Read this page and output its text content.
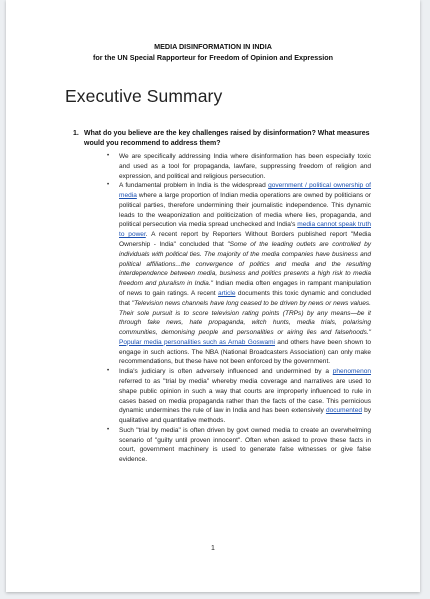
MEDIA DISINFORMATION IN INDIA
for the UN Special Rapporteur for Freedom of Opinion and Expression
Executive Summary
1. What do you believe are the key challenges raised by disinformation? What measures would you recommend to address them?

• We are specifically addressing India where disinformation has been especially toxic and used as a tool for propaganda, lawfare, suppressing freedom of religion and expression, and political and religious persecution.

• A fundamental problem in India is the widespread government / political ownership of media where a large proportion of Indian media operations are owned by politicians or political parties, therefore undermining their journalistic independence. This dynamic leads to the weaponization and politicization of media where lies, propaganda, and political persecution via media spread unchecked and India's media cannot speak truth to power. A recent report by Reporters Without Borders published report "Media Ownership - India" concluded that "Some of the leading outlets are controlled by individuals with political ties. The majority of the media companies have business and political affiliations...the convergence of politics and media and the resulting interdependence between media, business and politics presents a high risk to media freedom and pluralism in India." Indian media often engages in rampant manipulation of news to gain ratings. A recent article documents this toxic dynamic and concluded that "Television news channels have long ceased to be driven by news or news values. Their sole pursuit is to score television rating points (TRPs) by any means—be it through fake news, hate propaganda, witch hunts, media trials, polarising communities, demonising people and personalities or airing lies and falsehoods." Popular media personalities such as Arnab Goswami and others have been shown to engage in such actions. The NBA (National Broadcasters Association) can only make recommendations, but these have not been enforced by the government.

• India's judiciary is often adversely influenced and undermined by a phenomenon referred to as "trial by media" whereby media coverage and narratives are used to shape public opinion in such a way that courts are improperly influenced to rule in cases based on media propaganda rather than the facts of the case. This pernicious dynamic undermines the rule of law in India and has been extensively documented by qualitative and quantitative methods.

• Such "trial by media" is often driven by govt owned media to create an overwhelming scenario of "guilty until proven innocent". Often when asked to prove these facts in court, government machinery is used to generate false witnesses or give false evidence.

1
